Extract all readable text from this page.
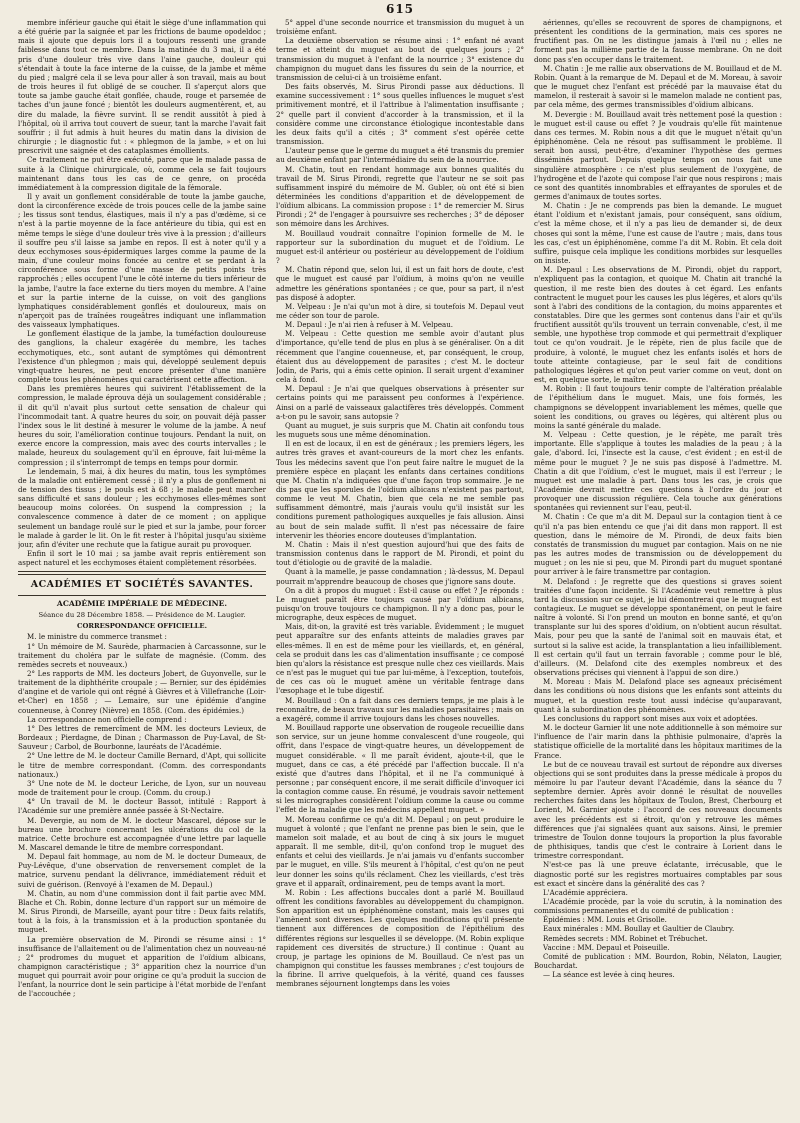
615

membre inférieur gauche qui était le siège d'une inflammation qui a été guérie par la saignée et par les frictions de baume opodeldoc ; mais il ajoute que depuis lors il a toujours ressenti une grande faiblesse dans tout ce membre. Dans la matinée du 3 mai, il a été pris d'une douleur très vive dans l'aine gauche, douleur qui s'étendait à toute la face interne de la cuisse, de la jambe et même du pied ; malgré cela il se leva pour aller à son travail, mais au bout de trois heures il fut obligé de se coucher. Il s'aperçut alors que toute sa jambe gauche était gonflée, chaude, rouge et parsemée de taches d'un jaune foncé ; bientôt les douleurs augmentèrent, et, au dire du malade, la fièvre survint. Il se rendit aussitôt à pied à l'hôpital, où il arriva tout couvert de sueur, tant la marche l'avait fait souffrir ; il fut admis à huit heures du matin dans la division de chirurgie ; le diagnostic fut : « phlegmon de la jambe, » et on lui prescrivit une saignée et des cataplasmes émollients.

Ce traitement ne put être exécuté, parce que le malade passa de suite à la Clinique chirurgicale, où, comme cela se fait toujours maintenant dans tous les cas de ce genre, on procéda immédiatement à la compression digitale de la fémorale.

Il y avait un gonflement considérable de toute la jambe gauche, dont la circonférence excède de trois pouces celle de la jambe saine ; les tissus sont tendus, élastiques, mais il n'y a pas d'œdème, si ce n'est à la partie moyenne de la face antérieure du tibia, qui est en même temps le siège d'une douleur très vive à la pression ; d'ailleurs il souffre peu s'il laisse sa jambe en repos. Il est à noter qu'il y a deux ecchymoses sous-épidermiques larges comme la paume de la main, d'une couleur moins foncée au centre et se perdant à la circonférence sous forme d'une masse de petits points très rapprochés ; elles occupent l'une le côté interne du tiers inférieur de la jambe, l'autre la face externe du tiers moyen du membre. A l'aine et sur la partie interne de la cuisse, on voit des ganglions lymphatiques considérablement gonflés et douloureux, mais on n'aperçoit pas de traînées rougeâtres indiquant une inflammation des vaisseaux lymphatiques.

Le gonflement élastique de la jambe, la tuméfaction douloureuse des ganglions, la chaleur exagérée du membre, les taches ecchymotiques, etc., sont autant de symptômes qui démontrent l'existence d'un phlegmon ; mais qui, développé seulement depuis vingt-quatre heures, ne peut encore présenter d'une manière complète tous les phénomènes qui caractérisent cette affection.

Dans les premières heures qui suivirent l'établissement de la compression, le malade éprouva déjà un soulagement considérable ; il dit qu'il n'avait plus surtout cette sensation de chaleur qui l'incommodait tant. A quatre heures du soir, on pouvait déjà passer l'index sous le lit destiné à mesurer le volume de la jambe. A neuf heures du soir, l'amélioration continue toujours. Pendant la nuit, on exerce encore la compression, mais avec des courts intervalles ; le malade, heureux du soulagement qu'il en éprouve, fait lui-même la compression ; il s'interrompt de temps en temps pour dormir.

Le lendemain, 5 mai, à dix heures du matin, tous les symptômes de la maladie ont entièrement cessé ; il n'y a plus de gonflement ni de tension des tissus ; le pouls est à 68 ; le malade peut marcher sans difficulté et sans douleur ; les ecchymoses elles-mêmes sont beaucoup moins colorées. On suspend la compression ; la convalescence commence à dater de ce moment ; on applique seulement un bandage roulé sur le pied et sur la jambe, pour forcer le malade à garder le lit. On le fit rester à l'hôpital jusqu'au sixième jour, afin d'éviter une rechute que la fatigue aurait pu provoquer.

Enfin il sort le 10 mai ; sa jambe avait repris entièrement son aspect naturel et les ecchymoses étaient complètement résorbées.

ACADÉMIES ET SOCIÉTÉS SAVANTES.
ACADÉMIE IMPÉRIALE DE MÉDECINE.
Séance du 28 Décembre 1858. — Présidence de M. Laugier.
CORRESPONDANCE OFFICIELLE.

M. le ministre du commerce transmet :

1° Un mémoire de M. Saurède, pharmacien à Carcassonne, sur le traitement du choléra par le sulfate de magnésie. (Comm. des remèdes secrets et nouveaux.)

2° Les rapports de MM. les docteurs Jobert, de Guyonvelle, sur le traitement de la diphthérite croupale ; — Bernier, sur des épidémies d'angine et de variole qui ont régné à Gièvres et à Villefranche (Loir-et-Cher) en 1858 ; — Lemaire, sur une épidémie d'angine couenneuse, à Conrey (Nièvre) en 1858. (Com. des épidémies.)

La correspondance non officielle comprend :

1° Des lettres de remercîment de MM. les docteurs Levieux, de Bordeaux ; Pierdagne, de Dinan ; Charmasson de Puy-Laval, de St-Sauveur ; Carbol, de Bourbonne, lauréats de l'Académie.

2° Une lettre de M. le docteur Camille Bernard, d'Apt, qui sollicite le titre de membre correspondant. (Comm. des correspondants nationaux.)

3° Une note de M. le docteur Leriche, de Lyon, sur un nouveau mode de traitement pour le croup. (Comm. du croup.)

4° Un travail de M. le docteur Bassot, intitulé : Rapport à l'Académie sur une première année passée à St-Nectaire.

M. Devergie, au nom de M. le docteur Mascarel, dépose sur le bureau une brochure concernant les ulcérations du col de la matrice. Cette brochure est accompagnée d'une lettre par laquelle M. Mascarel demande le titre de membre correspondant.

M. Depaul fait hommage, au nom de M. le docteur Dumeaux, de Puy-Lévêque, d'une observation de renversement complet de la matrice, survenu pendant la délivrance, immédiatement réduit et suivi de guérison. (Renvoyé à l'examen de M. Depaul.)

M. Chatin, au nom d'une commission dont il fait partie avec MM. Blache et Ch. Robin, donne lecture d'un rapport sur un mémoire de M. Sirus Pirondi, de Marseille, ayant pour titre : Deux faits relatifs, tout à la fois, à la transmission et à la production spontanée du muguet.

La première observation de M. Pirondi se résume ainsi : 1° insuffisance de l'allaitement ou de l'alimentation chez un nouveau-né ; 2° prodromes du muguet et apparition de l'oïdium albicans, champignon caractéristique ; 3° apparition chez la nourrice d'un muguet qui pourrait avoir pour origine ce qu'a produit la succion de l'enfant, la nourrice dont le sein participe à l'état morbide de l'enfant de l'accouchée ;

5° appel d'une seconde nourrice et transmission du muguet à un troisième enfant.

La deuxième observation se résume ainsi : 1° enfant né avant terme et atteint du muguet au bout de quelques jours ; 2° transmission du muguet à l'enfant de la nourrice ; 3° existence du champignon du muguet dans les fissures du sein de la nourrice, et transmission de celui-ci à un troisième enfant.

Des faits observés, M. Sirus Pirondi passe aux déductions. Il examine successivement : 1° sous quelles influences le muguet s'est primitivement montré, et il l'attribue à l'alimentation insuffisante ; 2° quelle part il convient d'accorder à la transmission, et il la considère comme une circonstance étiologique incontestable dans les deux faits qu'il a cités ; 3° comment s'est opérée cette transmission.

L'auteur pense que le germe du muguet a été transmis du premier au deuxième enfant par l'intermédiaire du sein de la nourrice.

M. Chatin, tout en rendant hommage aux bonnes qualités du travail de M. Sirus Pirondi, regrette que l'auteur ne se soit pas suffisamment inspiré du mémoire de M. Gubler, où ont été si bien déterminées les conditions d'apparition et de développement de l'oïdium albicans. La commission propose : 1° de remercier M. Sirus Pirondi ; 2° de l'engager à poursuivre ses recherches ; 3° de déposer son mémoire dans les Archives.

M. Bouillaud voudrait connaître l'opinion formelle de M. le rapporteur sur la subordination du muguet et de l'oïdium. Le muguet est-il antérieur ou postérieur au développement de l'oïdium ?

M. Chatin répond que, selon lui, il est un fait hors de doute, c'est que le muguet est causé par l'oïdium, à moins qu'on ne veuille admettre les générations spontanées ; ce que, pour sa part, il n'est pas disposé à adopter.

M. Velpeau : Je n'ai qu'un mot à dire, si toutefois M. Depaul veut me céder son tour de parole.

M. Depaul : Je n'ai rien à refuser à M. Velpeau.

M. Velpeau : Cette question me semble avoir d'autant plus d'importance, qu'elle tend de plus en plus à se généraliser. On a dit récemment que l'angine couenneuse, et, par conséquent, le croup, étaient dus au développement de parasites ; c'est M. le docteur Jodin, de Paris, qui a émis cette opinion. Il serait urgent d'examiner cela à fond.

M. Depaul : Je n'ai que quelques observations à présenter sur certains points qui me paraissent peu conformes à l'expérience. Ainsi on a parlé de vaisseaux galactifères très développés. Comment a-t-on pu le savoir, sans autopsie ?

Quant au muguet, je suis surpris que M. Chatin ait confondu tous les muguets sous une même dénomination.

Il en est de locaux, il en est de généraux ; les premiers légers, les autres très graves et avant-coureurs de la mort chez les enfants. Tous les médecins savent que l'on peut faire naître le muguet de la première espèce en plaçant les enfants dans certaines conditions que M. Chatin n'a indiquées que d'une façon trop sommaire. Je ne dis pas que les sporules de l'oïdium albicans n'existent pas partout, comme le veut M. Chatin, bien que cela ne me semble pas suffisamment démontré, mais j'aurais voulu qu'il insistât sur les conditions purement pathologiques auxquelles je fais allusion. Ainsi au bout de sein malade suffit. Il n'est pas nécessaire de faire intervenir les théories encore douteuses d'implantation.

M. Chatin : Mais il n'est question aujourd'hui que des faits de transmission contenus dans le rapport de M. Pirondi, et point du tout d'étiologie ou de gravité de la maladie.

Quant à la mamelle, je passe condamnation ; là-dessus, M. Depaul pourrait m'apprendre beaucoup de choses que j'ignore sans doute.

On a dit à propos du muguet : Est-il cause ou effet ? Je réponds : Le muguet paraît être toujours causé par l'oïdium albicans, puisqu'on trouve toujours ce champignon. Il n'y a donc pas, pour le micrographe, deux espèces de muguet.

Mais, dit-on, la gravité est très variable. Évidemment ; le muguet peut apparaître sur des enfants atteints de maladies graves par elles-mêmes. Il en est de même pour les vieillards, et, en général, cela se produit dans les cas d'alimentation insuffisante ; ce composé bien qu'alors la résistance est presque nulle chez ces vieillards. Mais ce n'est pas le muguet qui tue par lui-même, à l'exception, toutefois, de ces cas où le muguet amène un véritable fentrage dans l'œsophage et le tube digestif.

M. Bouillaud : On a fait dans ces derniers temps, je me plais à le reconnaître, de beaux travaux sur les maladies parasitaires ; mais on a exagéré, comme il arrive toujours dans les choses nouvelles.

M. Bouillaud rapporte une observation de rougeole recueillie dans son service, sur un jeune homme convalescent d'une rougeole, qui offrit, dans l'espace de vingt-quatre heures, un développement de muguet considérable. « Il me paraît évident, ajoute-t-il, que le muguet, dans ce cas, a été précédé par l'affection buccale. Il n'a existé que d'autres dans l'hôpital, et il ne l'a communiqué à personne ; par conséquent encore, il me serait difficile d'invoquer ici la contagion comme cause. En résumé, je voudrais savoir nettement si les micrographes considèrent l'oïdium comme la cause ou comme l'effet de la maladie que les médecins appellent muguet. »

M. Moreau confirme ce qu'a dit M. Depaul ; on peut produire le muguet à volonté ; que l'enfant ne prenne pas bien le sein, que le mamelon soit malade, et au bout de cinq à six jours le muguet apparaît. Il me semble, dit-il, qu'on confond trop le muguet des enfants et celui des vieillards. Je n'ai jamais vu d'enfants succomber par le muguet, en ville. S'ils meurent à l'hôpital, c'est qu'on ne peut leur donner les soins qu'ils réclament. Chez les vieillards, c'est très grave et il apparaît, ordinairement, peu de temps avant la mort.

M. Robin : Les affections buccales dont a parlé M. Bouillaud offrent les conditions favorables au développement du champignon. Son apparition est un épiphénomène constant, mais les causes qui l'amènent sont diverses. Les quelques modifications qu'il présente tiennent aux différences de composition de l'épithélium des différentes régions sur lesquelles il se développe. (M. Robin explique rapidement ces diversités de structure.) Il continue : Quant au croup, je partage les opinions de M. Bouillaud. Ce n'est pas un champignon qui constitue les fausses membranes ; c'est toujours de la fibrine. Il arrive quelquefois, à la vérité, quand ces fausses membranes séjournent longtemps dans les voies

aériennes, qu'elles se recouvrent de spores de champignons, et présentent les conditions de la germination, mais ces spores ne fructifient pas. On ne les distingue jamais à l'œil nu ; elles ne forment pas la millième partie de la fausse membrane. On ne doit donc pas s'en occuper dans le traitement.

M. Chatin : Je me rallie aux observations de M. Bouillaud et de M. Robin. Quant à la remarque de M. Depaul et de M. Moreau, à savoir que le muguet chez l'enfant est précédé par la mauvaise état du mamelon, il resterait à savoir si le mamelon malade ne contient pas, par cela même, des germes transmissibles d'oïdium albicans.

M. Devergie : M. Bouillaud avait très nettement posé la question : le muguet est-il cause ou effet ? Je voudrais qu'elle fût maintenue dans ces termes. M. Robin nous a dit que le muguet n'était qu'un épiphénomène. Cela ne résout pas suffisamment le problème. Il serait bon aussi, peut-être, d'examiner l'hypothèse des germes disséminés partout. Depuis quelque temps on nous fait une singulière atmosphère : ce n'est plus seulement de l'oxygène, de l'hydrogène et de l'azote qui compose l'air que nous respirons ; mais ce sont des quantités innombrables et effrayantes de sporules et de germes d'animaux de toutes sortes.

M. Chatin : Je ne comprends pas bien la demande. Le muguet étant l'oïdium et n'existant jamais, pour conséquent, sans oïdium, c'est la même chose, et il n'y a pas lieu de demander si, de deux choses qui sont la même, l'une est cause de l'autre ; mais, dans tous les cas, c'est un épiphénomène, comme l'a dit M. Robin. Et cela doit suffire, puisque cela implique les conditions morbides sur lesquelles on insiste.

M. Depaul : Les observations de M. Pirondi, objet du rapport, n'expliquent pas la contagion, et quoique M. Chatin ait tranché la question, il me reste bien des doutes à cet égard. Les enfants contractent le muguet pour les causes les plus légères, et alors qu'ils sont à l'abri des conditions de la contagion, du moins apparentes et constatables. Dire que les germes sont contenus dans l'air et qu'ils fructifient aussitôt qu'ils trouvent un terrain convenable, c'est, il me semble, une hypothèse trop commode et qui permettrait d'expliquer tout ce qu'on voudrait. Je le répète, rien de plus facile que de produire, à volonté, le muguet chez les enfants isolés et hors de toute atteinte contagieuse, par le seul fait de conditions pathologiques légères et qu'on peut varier comme on veut, dont on est, en quelque sorte, le maître.

M. Robin : Il faut toujours tenir compte de l'altération préalable de l'épithélium dans le muguet. Mais, une fois formés, les champignons se développent invariablement les mêmes, quelle que soient les conditions, ou graves ou légères, qui altèrent plus ou moins la santé générale du malade.

M. Velpeau : Cette question, je le répète, me paraît très importante. Elle s'applique à toutes les maladies de la peau ; à la gale, d'abord. Ici, l'insecte est la cause, c'est évident ; en est-il de même pour le muguet ? Je ne suis pas disposé à l'admettre. M. Chatin a dit que l'oïdium, c'est le muguet, mais il est l'erreur ; le muguet est une maladie à part. Dans tous les cas, je crois que l'Académie devrait mettre ces questions à l'ordre du jour et provoquer une discussion régulière. Cela touche aux générations spontanées qui reviennent sur l'eau, peut-il.

M. Chatin : Ce que m'a dit M. Depaul sur la contagion tient à ce qu'il n'a pas bien entendu ce que j'ai dit dans mon rapport. Il est question, dans le mémoire de M. Pirondi, de deux faits bien constatés de transmission du muguet par contagion. Mais on ne nie pas les autres modes de transmission ou de développement du muguet ; on les nie si peu, que M. Pirondi part du muguet spontané pour arriver à le faire transmettre par contagion.

M. Delafond : Je regrette que des questions si graves soient traitées d'une façon incidente. Si l'Académie veut remettre à plus tard la discussion sur ce sujet, je lui démontrerai que le muguet est contagieux. Le muguet se développe spontanément, on peut le faire naître à volonté. Si l'on prend un mouton en bonne santé, et qu'on transplante sur lui des spores d'oïdium, on n'obtient aucun résultat. Mais, pour peu que la santé de l'animal soit en mauvais état, et surtout si la salive est acide, la transplantation a lieu infailliblement. Il est certain qu'il faut un terrain favorable ; comme pour le blé, d'ailleurs. (M. Delafond cite des exemples nombreux et des observations précises qui viennent à l'appui de son dire.)

M. Moreau : Mais M. Delafond place ses agneaux précisément dans les conditions où nous disions que les enfants sont atteints du muguet, et la question reste tout aussi indécise qu'auparavant, quant à la subordination des phénomènes.

Les conclusions du rapport sont mises aux voix et adoptées.

M. le docteur Garnier lit une note additionnelle à son mémoire sur l'influence de l'air marin dans la phthisie pulmonaire, d'après la statistique officielle de la mortalité dans les hôpitaux maritimes de la France.

Le but de ce nouveau travail est surtout de répondre aux diverses objections qui se sont produites dans la presse médicale à propos du mémoire lu par l'auteur devant l'Académie, dans la séance du 7 septembre dernier. Après avoir donné le résultat de nouvelles recherches faites dans les hôpitaux de Toulon, Brest, Cherbourg et Lorient, M. Garnier ajoute : l'accord de ces nouveaux documents avec les précédents est si étroit, qu'on y retrouve les mêmes différences que j'ai signalées quant aux saisons. Ainsi, le premier trimestre de Toulon donne toujours la proportion la plus favorable de phthisiques, tandis que c'est le contraire à Lorient dans le trimestre correspondant.

N'est-ce pas là une preuve éclatante, irrécusable, que le diagnostic porté sur les registres mortuaires comptables par sous est exact et sincère dans la généralité des cas ?

L'Académie appréciera.

L'Académie procède, par la voie du scrutin, à la nomination des commissions permanentes et du comité de publication :

Épidémies : MM. Louis et Grisolle.

Eaux minérales : MM. Boullay et Gaultier de Claubry.

Remèdes secrets : MM. Robinet et Trébuchet.

Vaccine : MM. Depaul et Poiseuille.

Comité de publication : MM. Bourdon, Robin, Nélaton, Laugier, Bouchardat.

— La séance est levée à cinq heures.
